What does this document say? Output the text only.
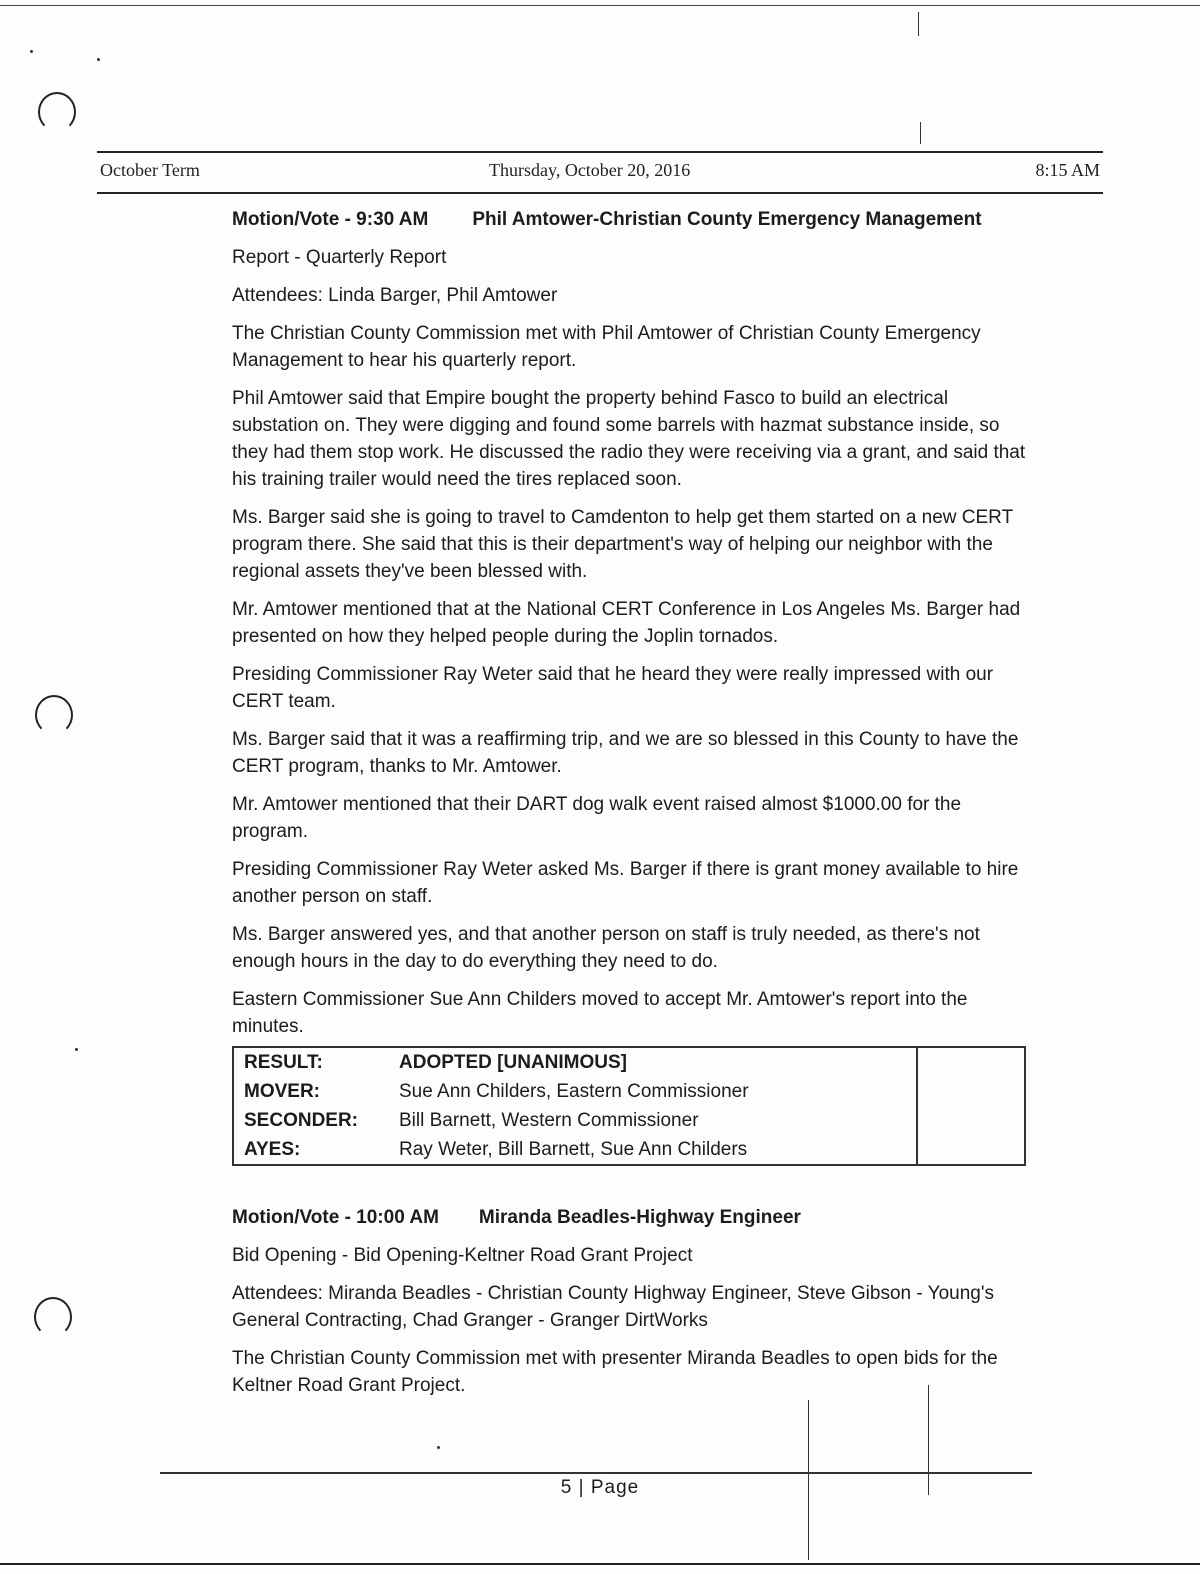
October Term	Thursday, October 20, 2016	8:15 AM

Motion/Vote - 9:30 AM Phil Amtower-Christian County Emergency Management

Report - Quarterly Report

Attendees: Linda Barger, Phil Amtower

The Christian County Commission met with Phil Amtower of Christian County Emergency Management to hear his quarterly report.

Phil Amtower said that Empire bought the property behind Fasco to build an electrical substation on. They were digging and found some barrels with hazmat substance inside, so they had them stop work. He discussed the radio they were receiving via a grant, and said that his training trailer would need the tires replaced soon.

Ms. Barger said she is going to travel to Camdenton to help get them started on a new CERT program there. She said that this is their department's way of helping our neighbor with the regional assets they've been blessed with.

Mr. Amtower mentioned that at the National CERT Conference in Los Angeles Ms. Barger had presented on how they helped people during the Joplin tornados.

Presiding Commissioner Ray Weter said that he heard they were really impressed with our CERT team.

Ms. Barger said that it was a reaffirming trip, and we are so blessed in this County to have the CERT program, thanks to Mr. Amtower.

Mr. Amtower mentioned that their DART dog walk event raised almost $1000.00 for the program.

Presiding Commissioner Ray Weter asked Ms. Barger if there is grant money available to hire another person on staff.

Ms. Barger answered yes, and that another person on staff is truly needed, as there's not enough hours in the day to do everything they need to do.

Eastern Commissioner Sue Ann Childers moved to accept Mr. Amtower's report into the minutes.

RESULT:	ADOPTED [UNANIMOUS]	
MOVER:	Sue Ann Childers, Eastern Commissioner	
SECONDER:	Bill Barnett, Western Commissioner	
AYES:	Ray Weter, Bill Barnett, Sue Ann Childers	

Motion/Vote - 10:00 AM Miranda Beadles-Highway Engineer

Bid Opening - Bid Opening-Keltner Road Grant Project

Attendees: Miranda Beadles - Christian County Highway Engineer, Steve Gibson - Young's General Contracting, Chad Granger - Granger DirtWorks

The Christian County Commission met with presenter Miranda Beadles to open bids for the Keltner Road Grant Project.

5 | Page
